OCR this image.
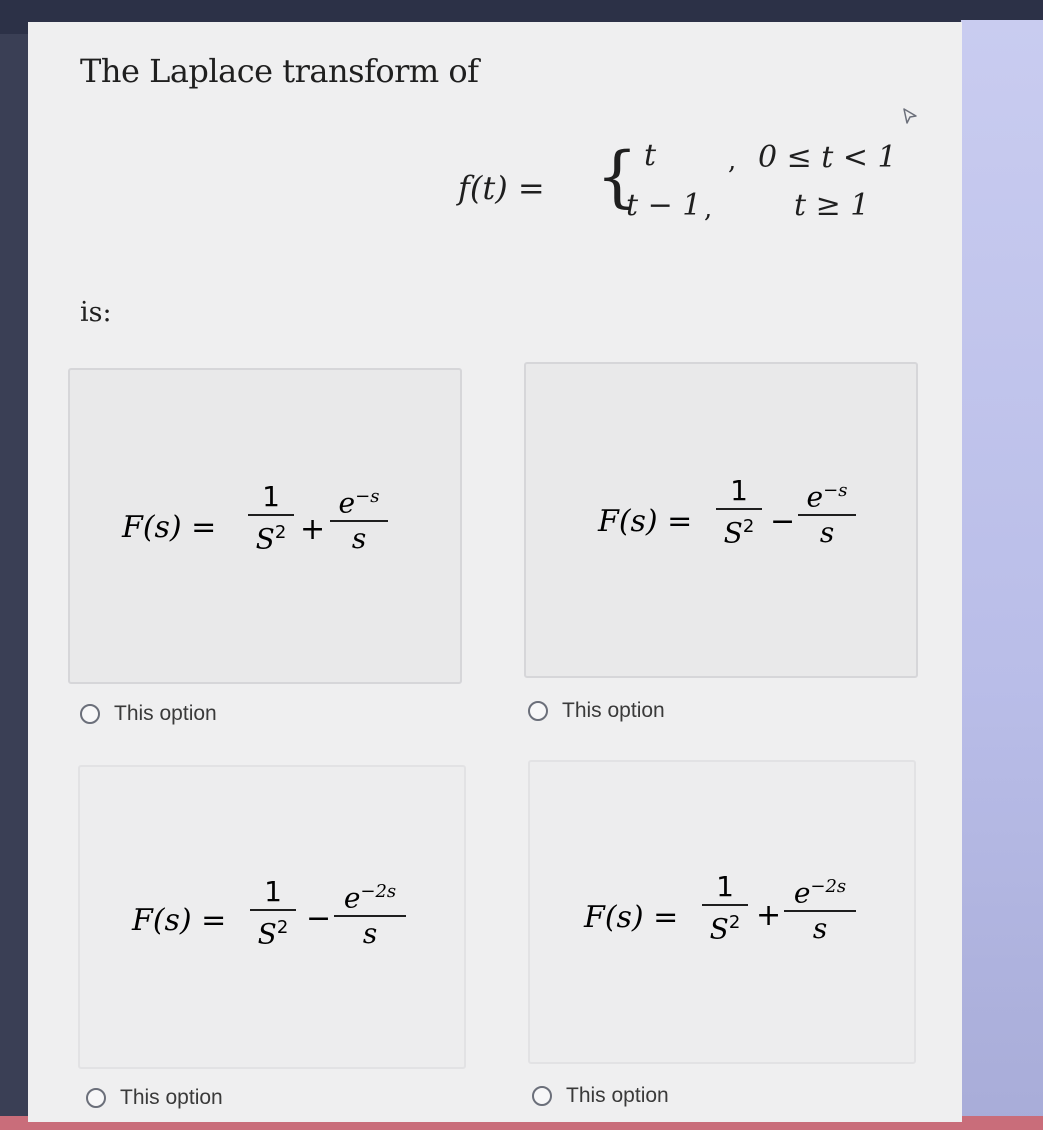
The Laplace transform of
f(t) = { t	, 0 ≤ t < 1
t − 1 ,	t ≥ 1
is:
F(s) =
1
$S^2$ +
$e^{-s}$
s
This option
F(s) =
1
$S^2$ −
$e^{-s}$
s
This option
F(s) =
1
$S^2$ −
$e^{-2s}$
s
This option
F(s) =
1
$S^2$ +
$e^{-2s}$
s
This option
